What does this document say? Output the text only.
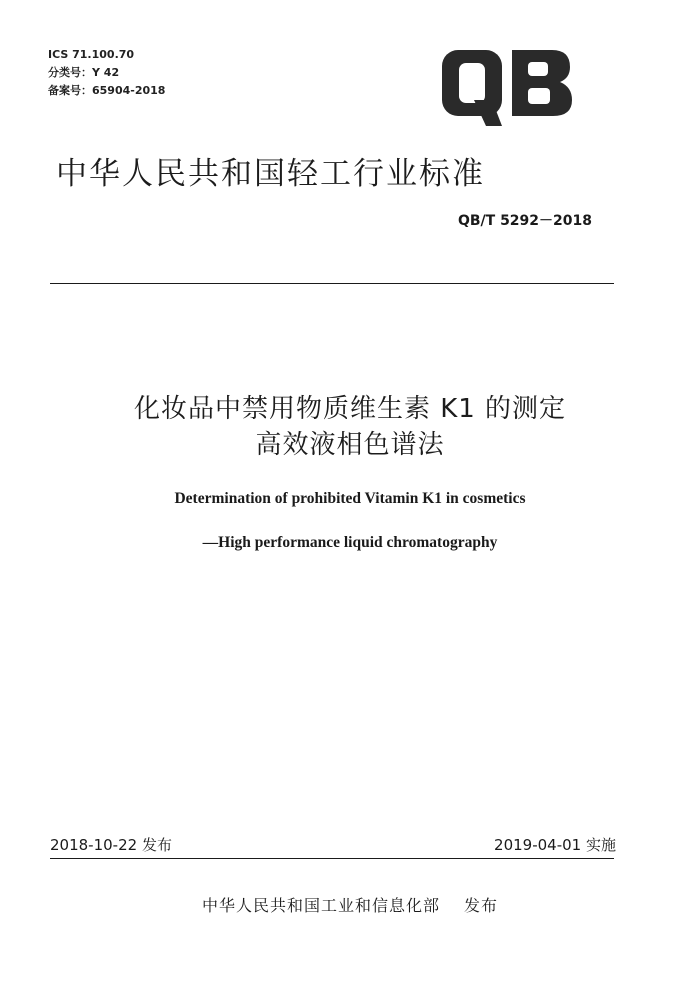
ICS 71.100.70
分类号：Y 42
备案号：65904-2018
中华人民共和国轻工行业标准
QB/T 5292－2018
化妆品中禁用物质维生素 K1 的测定
高效液相色谱法
Determination of prohibited Vitamin K1 in cosmetics
—High performance liquid chromatography
2018-10-22 发布	2019-04-01 实施
中华人民共和国工业和信息化部 发布
